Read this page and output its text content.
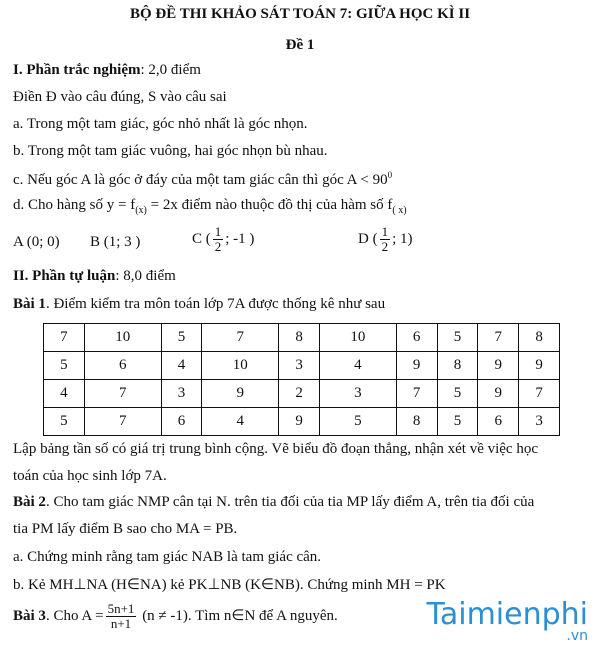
BỘ ĐỀ THI KHẢO SÁT TOÁN 7: GIỮA HỌC KÌ II
Đề 1
I. Phần trắc nghiệm: 2,0 điểm
Điền Đ vào câu đúng, S vào câu sai
a. Trong một tam giác, góc nhỏ nhất là góc nhọn.
b. Trong một tam giác vuông, hai góc nhọn bù nhau.
c. Nếu góc A là góc ở đáy của một tam giác cân thì góc $A < 90^0$
d. Cho hàng số $y = f_{(x)} = 2x$ điểm nào thuộc đồ thị của hàm số $f_{( x)}$
A (0; 0) B (1; 3 )	C ( $\frac{1}{2}$ ; -1 )	D ( $\frac{1}{2}$ ; 1)
II. Phần tự luận: 8,0 điểm
Bài 1. Điểm kiểm tra môn toán lớp 7A được thống kê như sau
7	10	5	7	8	10	6	5	7	8
5	6	4	10	3	4	9	8	9	9
4	7	3	9	2	3	7	5	9	7
5	7	6	4	9	5	8	5	6	3
Lập bảng tần số có giá trị trung bình cộng. Vẽ biểu đồ đoạn thẳng, nhận xét về việc học
toán của học sinh lớp 7A.
Bài 2. Cho tam giác NMP cân tại N. trên tia đối của tia MP lấy điểm A, trên tia đối của
tia PM lấy điểm B sao cho MA = PB.
a. Chứng minh rằng tam giác NAB là tam giác cân.
b. Kẻ MH⊥NA (H∈NA) kẻ PK⊥NB (K∈NB). Chứng minh MH = PK
Bài 3. Cho $A = \frac{5n+1}{n+1} (n \ne -1)$. Tìm n∈N để A nguyên.	Taimienphi
.vn
